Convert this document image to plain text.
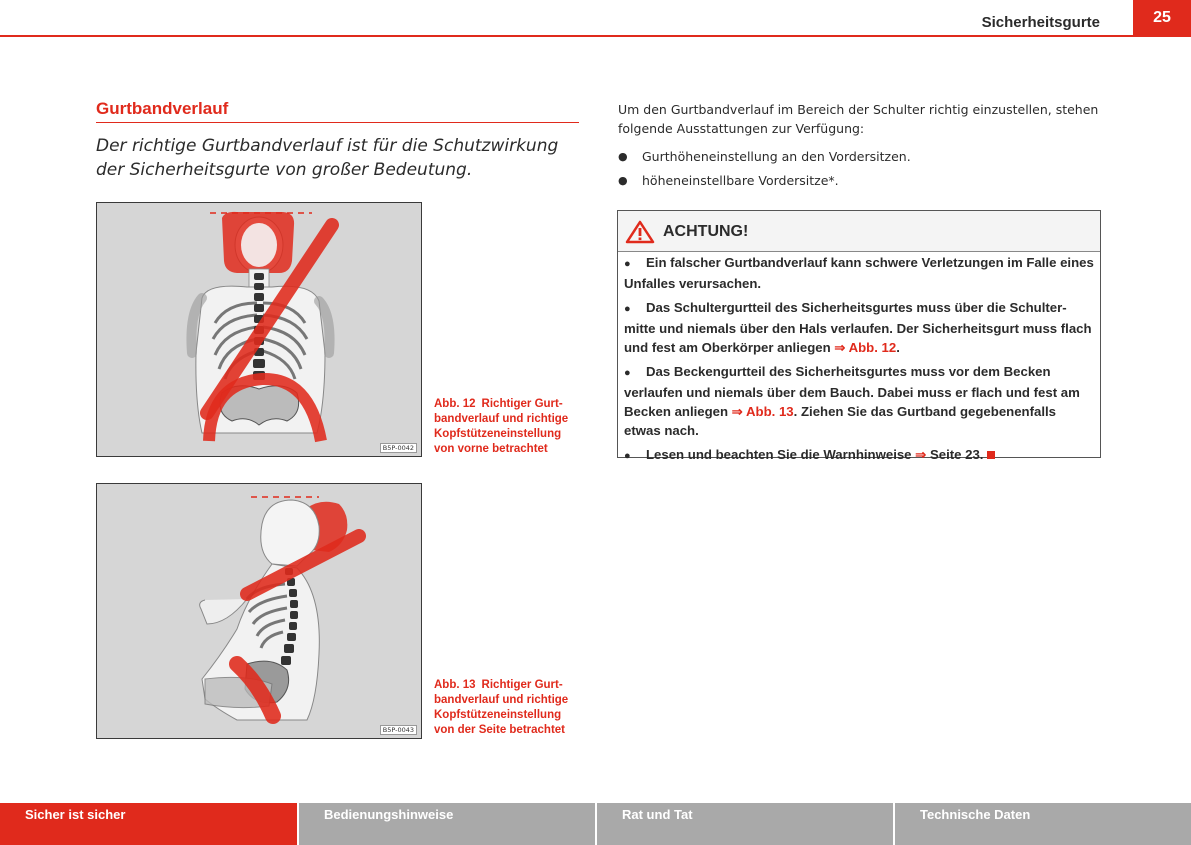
Sicherheitsgurte	25
Gurtbandverlauf
Der richtige Gurtbandverlauf ist für die Schutzwirkung der Sicherheitsgurte von großer Bedeutung.
B5P-0042
Abb. 12 Richtiger Gurt-bandverlauf und richtige Kopfstützeneinstellung von vorne betrachtet
B5P-0043
Abb. 13 Richtiger Gurt-bandverlauf und richtige Kopfstützeneinstellung von der Seite betrachtet
Um den Gurtbandverlauf im Bereich der Schulter richtig einzustellen, stehen folgende Ausstattungen zur Verfügung:
● Gurthöheneinstellung an den Vordersitzen.
● höheneinstellbare Vordersitze*.
ACHTUNG!
● Ein falscher Gurtbandverlauf kann schwere Verletzungen im Falle eines Unfalles verursachen.
● Das Schultergurtteil des Sicherheitsgurtes muss über die Schulter-mitte und niemals über den Hals verlaufen. Der Sicherheitsgurt muss flach und fest am Oberkörper anliegen ⇒ Abb. 12.
● Das Beckengurtteil des Sicherheitsgurtes muss vor dem Becken verlaufen und niemals über dem Bauch. Dabei muss er flach und fest am Becken anliegen ⇒ Abb. 13. Ziehen Sie das Gurtband gegebenenfalls etwas nach.
● Lesen und beachten Sie die Warnhinweise ⇒ Seite 23.
Sicher ist sicher	Bedienungshinweise	Rat und Tat	Technische Daten
